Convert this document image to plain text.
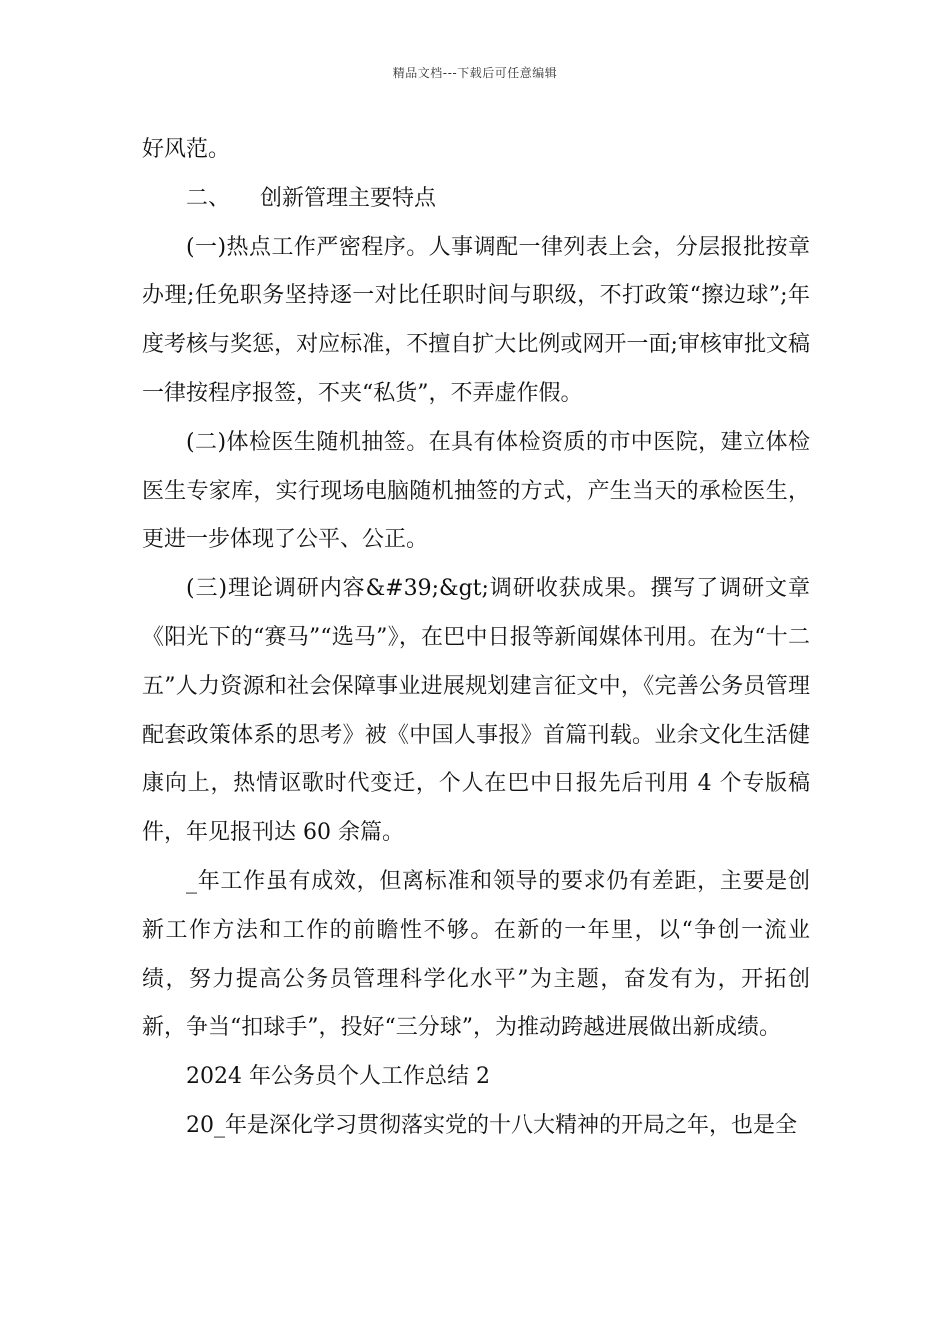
精品文档---下载后可任意编辑

好风范。

二、 创新管理主要特点

(一)热点工作严密程序。人事调配一律列表上会，分层报批按章办理;任免职务坚持逐一对比任职时间与职级，不打政策“擦边球”;年度考核与奖惩，对应标准，不擅自扩大比例或网开一面;审核审批文稿一律按程序报签，不夹“私货”，不弄虚作假。

(二)体检医生随机抽签。在具有体检资质的市中医院，建立体检医生专家库，实行现场电脑随机抽签的方式，产生当天的承检医生，更进一步体现了公平、公正。

(三)理论调研内容&#39;&gt;调研收获成果。撰写了调研文章《阳光下的“赛马”“选马”》，在巴中日报等新闻媒体刊用。在为“十二五”人力资源和社会保障事业进展规划建言征文中，《完善公务员管理配套政策体系的思考》被《中国人事报》首篇刊载。业余文化生活健康向上，热情讴歌时代变迁，个人在巴中日报先后刊用 4 个专版稿件，年见报刊达 60 余篇。

_年工作虽有成效，但离标准和领导的要求仍有差距，主要是创新工作方法和工作的前瞻性不够。在新的一年里，以“争创一流业绩，努力提高公务员管理科学化水平”为主题，奋发有为，开拓创新，争当“扣球手”，投好“三分球”，为推动跨越进展做出新成绩。

2024 年公务员个人工作总结 2

20_年是深化学习贯彻落实党的十八大精神的开局之年，也是全
